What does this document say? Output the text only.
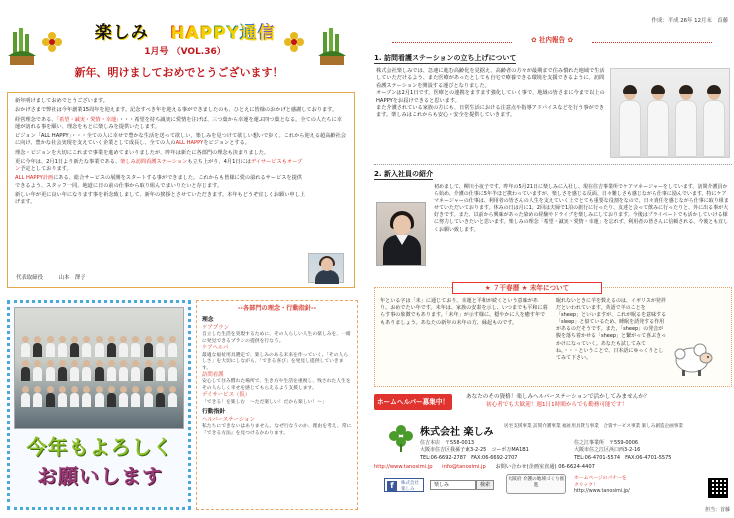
楽しみ HAPPY通信
1月号 （VOL.36）
新年、明けましておめでとうございます！

新年明けましておめでとうございます。

おかげさまで弊社は今年創業15周年を迎えます。記念すべき年を迎える事ができましたのも、ひとえに皆様のおかげと感謝しております。

経営理念である、「希望・誠実・愛情・幸運」・・・希望を持ち誠実に愛情を注げば、三つ葉から幸運を運ぶ四つ葉となる。全ての人たちに幸運が訪れる事を願い、理念をもとに楽しみを提供いたします。

ビジョン「ALL HAPPY」・・・全ての人に幸せで豊かな生活を送って欲しい、楽しみを見つけて欲しい想いで歩く。これから迎える超高齢社会に向け、豊かな社会実現を支えていく企業として成長し、全ての人のALL HAPPYをビジョンとする。

理念・ビジョンを大切にこれまで事業を進めてまいりましたが、昨年は新たに各部門の理念も決まりました。

更に今年は、2月1日より新たな事業である、楽しみ訪問看護ステーションも立ち上がり、4月1日にはデイサービスもオープン予定としております。

ALL HAPPY計画にある、総合サービスの展開をスタートする事ができました。これからも皆様に愛の溢れるサービスを提供できるよう、スタッフ一同、地道に日の前の仕事から取り組んでまいりたいと存じます。

新しい年が更に良い年になります事を祈念致しまして、新年の挨拶とさせていただきます。本年もどうぞ宜しくお願い申し上げます。

代表取締役	山本　澤子
今年もよろしく
お願いします
--各部門の理念・行動指針--
理念
ケアプラン
自立した生活を実現するために、その人らしい人生の楽しみを、一緒に発見できるプランの提供を行なう。
ケアヘルパ
最適な福祉用具選定で、楽しみのある未来を作っていく。「その人らしさ」を大切にしながら、「できる喜び」を発見し提供していきます。
訪問看護
安心して住み慣れた場所で、生き方や生活を重視し、残された人生をその人らしく幸せを感じてもらえるよう支援します。
デイサービス（仮）
「できる！を楽しむ　～ただ楽しい！だから楽しい！～」
行動指針
ヘルパーステーション
私たちにできないはありません。なぜ行なうのか、理由を考え、常に『できる方法』を見つけるかわります。
作成：平成 26年 12月末　首藤
✿ 社内報告 ✿
1. 訪問看護ステーションの立ち上げについて
株式会社楽しみでは、急速に進む高齢化を見据え、高齢者の方々が最期まで住み慣れた地域で生活していただけるよう、また医療があったとしても自宅で療養できる環境を支援できるように、訪問看護ステーションを開設する運びとなりました。
オープンは2月1日です。医療との連携をますます強化していく事で、地域の皆さまに今まで以上のHAPPYをお届けできると思います。
また介護されている家族の方にも、日常生活における注意点や指導アドバイスなどを行う事ができます。楽しみはこれからも安心・安全を提供していきます。
2. 新入社員の紹介
初めまして、柳川小夜子です。昨年の5月21日に楽しみに入社し、現在住吉事業所でケアマネージャーをしています。訪問介護員から始め、介護の仕事に5年半ほど携わっていますが、楽しさを感じる反面、日々難しさも感じながら仕事に励んでいます。特にケアマネージャーの仕事は、利用者の皆さんの人生を支えていく上でとても重要な役割をなので、日々責任を感じながら仕事に取り組ませていただいております。休みの日は月に1、2回は夫婦で1泊の旅行に行ったり、友達と会って飲みに行ったりと、外に出る事が大好きです。また、以前から興味があった染めの経験やドライブを楽しみにしております。今後はプライベートでも活かしていける様に努力していきたいと思います。楽しみの理念「希望・誠実・愛情・幸運」を忘れず、利用者の皆さんに信頼される、今後とも宜しくお願い致します。
★ ７干春暦 ★ 未年について
年といる字は「未」に通じており、幸運と平和が続くという意味があり、おめでたい年です。未年は、家族の安泰を示し、いつまでも平和に暮らす事の象徴でもあります。「未年」が示す様に、穏やかに人を癒す年でもありましょう。あなたの新年の未年の方、縁起ものです。
眠れないときに羊を数えるのは、イギリスが発祥だといわれています。英語で羊のことを「sheep」といいますが、これが眠るを意味する「sleep」と似ているため、睡眠を誘発する作用があるのだそうです。また、「sheep」の発音が腹を落ち着かせる「sheep」と繋がって喜ぶきっかけになっていく。あなたも試してみてね。・・・ということで、日本語にゆっくりとしてみて下さい。
ホームヘルパー募集中！
あなたのその資格！楽しみヘルパーステーションで活かしてみませんか？
初心者でも大歓迎！週1日1時間からでも勤務可能です！
株式会社 楽しみ
居宅支援事業 訪問介護事業 福祉用具貸与事業　合資サービス事業 楽しみ創造企画事業
住吉本店　 〒558-0013
大阪市住吉区我孫子東3-2-25　コーポ万MA1B1
TEL:06-6692-2787　FAX:06-6692-2707
住之江事業所　 〒559-0006
大阪市住之江区浜口西3-2-16
TEL:06-4701-5574　FAX:06-4701-5575
http://www.tanosimi.jp info@tanosimi.jp お問い合わせ(企画室直通) 06-6624-4407
f	株式会社楽しみ
楽しみ	検索
大阪府 介護の地域づくり推進
ホームページのパナーをクリック！
http://www.tanosimi.jp/
担当：首藤
